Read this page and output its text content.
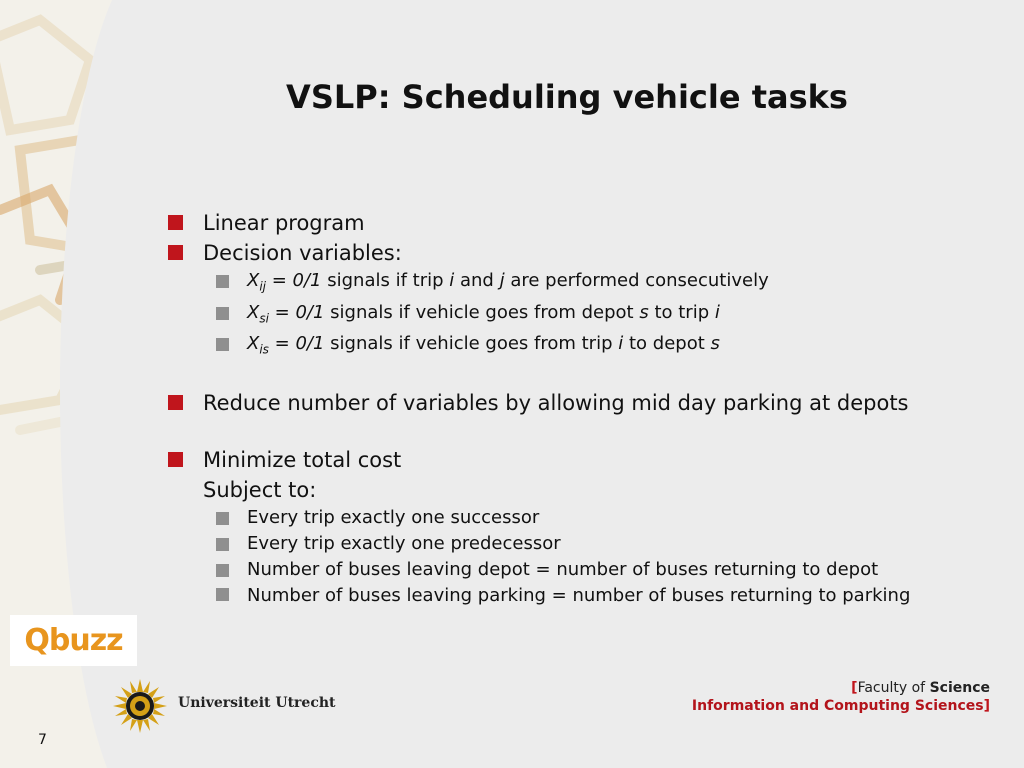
VSLP: Scheduling vehicle tasks
Linear program
Decision variables:
$X_{ij} = 0/1$ signals if trip i and j are performed consecutively
$X_{si} = 0/1$ signals if vehicle goes from depot s to trip i
$X_{is} = 0/1$ signals if vehicle goes from trip i to depot s
Reduce number of variables by allowing mid day parking at depots
Minimize total cost
Subject to:
Every trip exactly one successor
Every trip exactly one predecessor
Number of buses leaving depot = number of buses returning to depot
Number of buses leaving parking = number of buses returning to parking
Qbuzz
Universiteit Utrecht
[Faculty of Science
Information and Computing Sciences]
7
